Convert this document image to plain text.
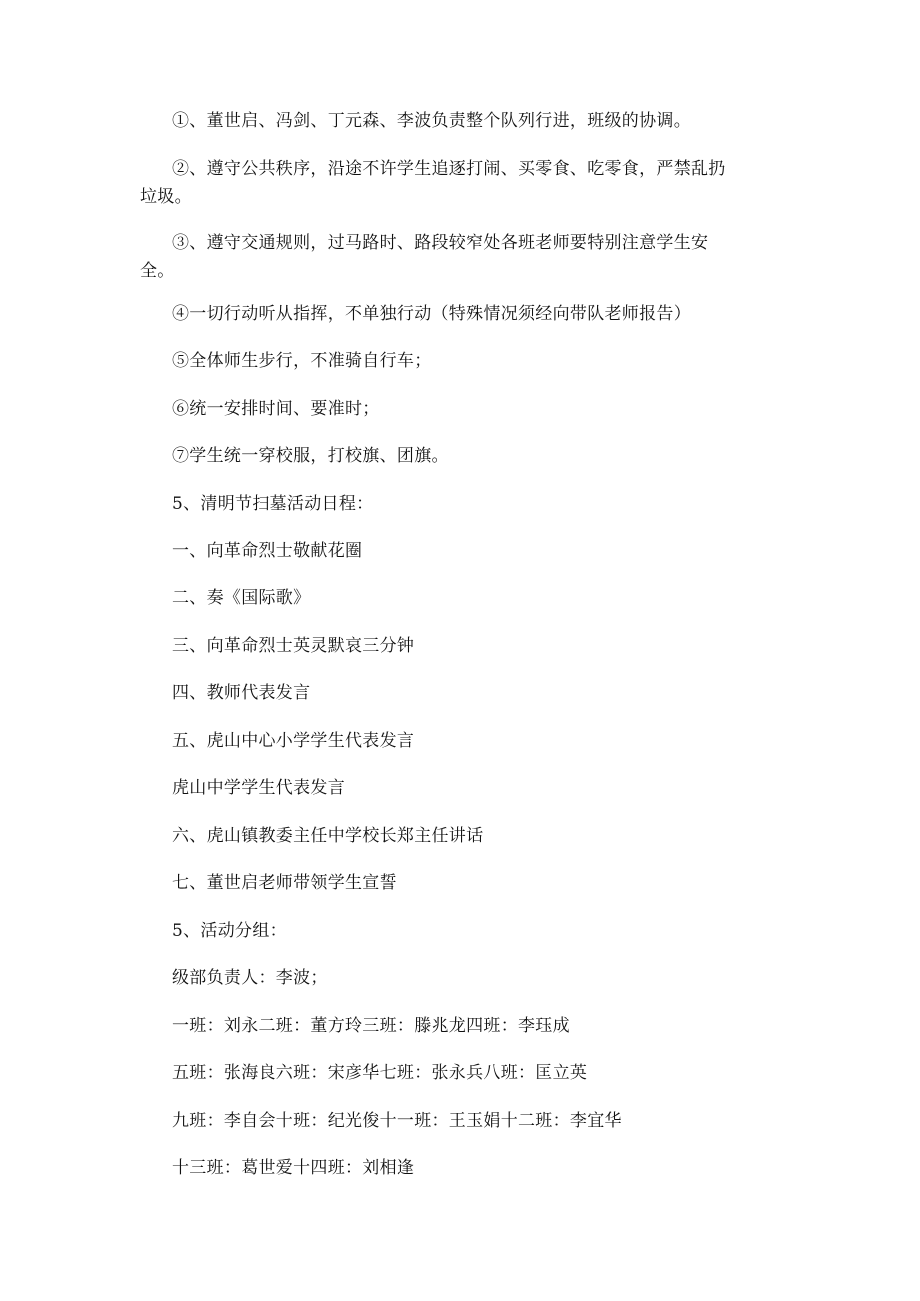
①、董世启、冯剑、丁元森、李波负责整个队列行进，班级的协调。

②、遵守公共秩序，沿途不许学生追逐打闹、买零食、吃零食，严禁乱扔

垃圾。

③、遵守交通规则，过马路时、路段较窄处各班老师要特别注意学生安

全。

④一切行动听从指挥，不单独行动（特殊情况须经向带队老师报告）

⑤全体师生步行，不准骑自行车；

⑥统一安排时间、要准时；

⑦学生统一穿校服，打校旗、团旗。

5、清明节扫墓活动日程：

一、向革命烈士敬献花圈

二、奏《国际歌》

三、向革命烈士英灵默哀三分钟

四、教师代表发言

五、虎山中心小学学生代表发言

虎山中学学生代表发言

六、虎山镇教委主任中学校长郑主任讲话

七、董世启老师带领学生宣誓

5、活动分组：

级部负责人：李波；

一班：刘永二班：董方玲三班：滕兆龙四班：李珏成

五班：张海良六班：宋彦华七班：张永兵八班：匡立英

九班：李自会十班：纪光俊十一班：王玉娟十二班：李宜华

十三班：葛世爱十四班：刘相逢
